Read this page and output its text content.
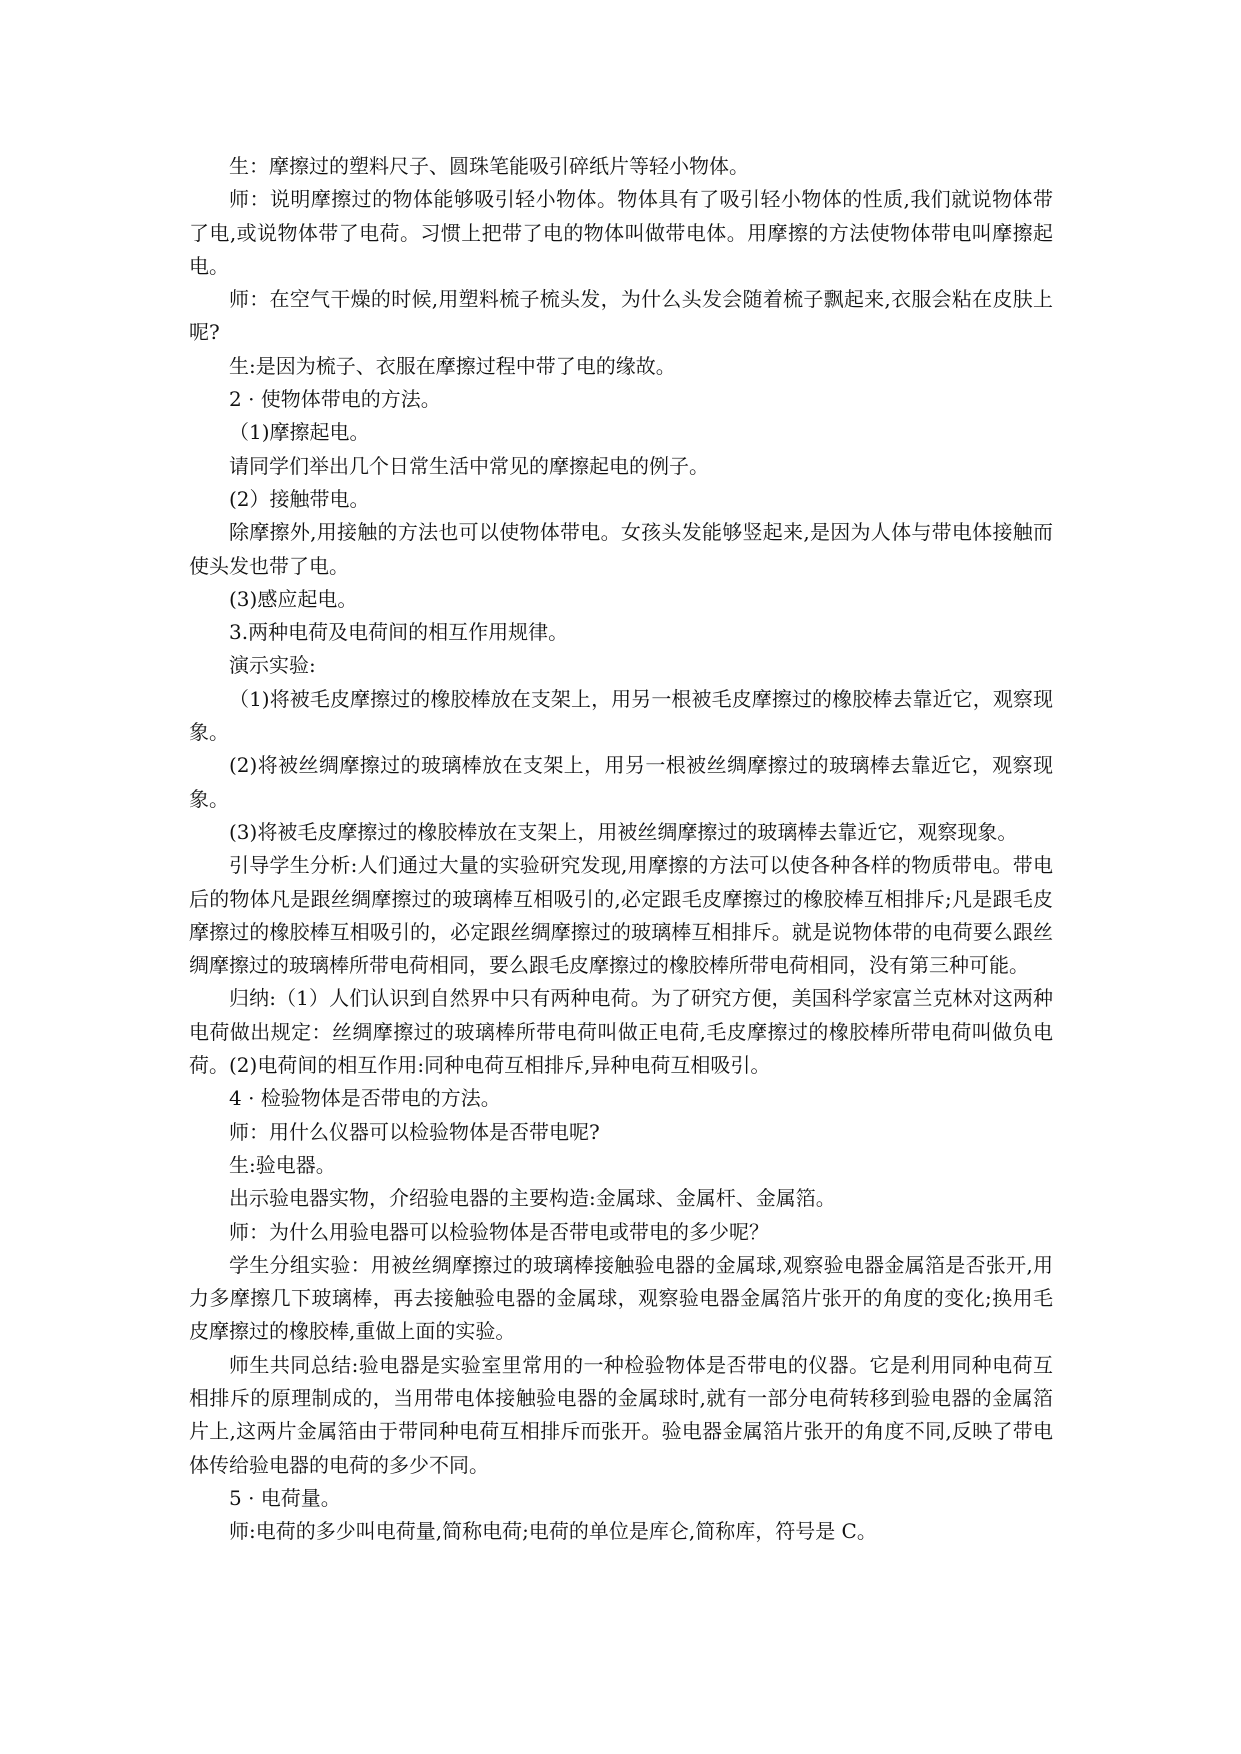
生：摩擦过的塑料尺子、圆珠笔能吸引碎纸片等轻小物体。

师：说明摩擦过的物体能够吸引轻小物体。物体具有了吸引轻小物体的性质,我们就说物体带了电,或说物体带了电荷。习惯上把带了电的物体叫做带电体。用摩擦的方法使物体带电叫摩擦起电。

师：在空气干燥的时候,用塑料梳子梳头发，为什么头发会随着梳子飘起来,衣服会粘在皮肤上呢?

生:是因为梳子、衣服在摩擦过程中带了电的缘故。

2 · 使物体带电的方法。

（1)摩擦起电。

请同学们举出几个日常生活中常见的摩擦起电的例子。

(2）接触带电。

除摩擦外,用接触的方法也可以使物体带电。女孩头发能够竖起来,是因为人体与带电体接触而使头发也带了电。

(3)感应起电。

3.两种电荷及电荷间的相互作用规律。

演示实验:

（1)将被毛皮摩擦过的橡胶棒放在支架上，用另一根被毛皮摩擦过的橡胶棒去靠近它，观察现象。

(2)将被丝绸摩擦过的玻璃棒放在支架上，用另一根被丝绸摩擦过的玻璃棒去靠近它，观察现象。

(3)将被毛皮摩擦过的橡胶棒放在支架上，用被丝绸摩擦过的玻璃棒去靠近它，观察现象。

引导学生分析:人们通过大量的实验研究发现,用摩擦的方法可以使各种各样的物质带电。带电后的物体凡是跟丝绸摩擦过的玻璃棒互相吸引的,必定跟毛皮摩擦过的橡胶棒互相排斥;凡是跟毛皮摩擦过的橡胶棒互相吸引的，必定跟丝绸摩擦过的玻璃棒互相排斥。就是说物体带的电荷要么跟丝绸摩擦过的玻璃棒所带电荷相同，要么跟毛皮摩擦过的橡胶棒所带电荷相同，没有第三种可能。

归纳:（1）人们认识到自然界中只有两种电荷。为了研究方便，美国科学家富兰克林对这两种电荷做出规定：丝绸摩擦过的玻璃棒所带电荷叫做正电荷,毛皮摩擦过的橡胶棒所带电荷叫做负电荷。(2)电荷间的相互作用:同种电荷互相排斥,异种电荷互相吸引。

4 · 检验物体是否带电的方法。

师：用什么仪器可以检验物体是否带电呢?

生:验电器。

出示验电器实物，介绍验电器的主要构造:金属球、金属杆、金属箔。

师：为什么用验电器可以检验物体是否带电或带电的多少呢？

学生分组实验：用被丝绸摩擦过的玻璃棒接触验电器的金属球,观察验电器金属箔是否张开,用力多摩擦几下玻璃棒，再去接触验电器的金属球，观察验电器金属箔片张开的角度的变化;换用毛皮摩擦过的橡胶棒,重做上面的实验。

师生共同总结:验电器是实验室里常用的一种检验物体是否带电的仪器。它是利用同种电荷互相排斥的原理制成的，当用带电体接触验电器的金属球时,就有一部分电荷转移到验电器的金属箔片上,这两片金属箔由于带同种电荷互相排斥而张开。验电器金属箔片张开的角度不同,反映了带电体传给验电器的电荷的多少不同。

5 · 电荷量。

师:电荷的多少叫电荷量,简称电荷;电荷的单位是库仑,简称库，符号是 C。
